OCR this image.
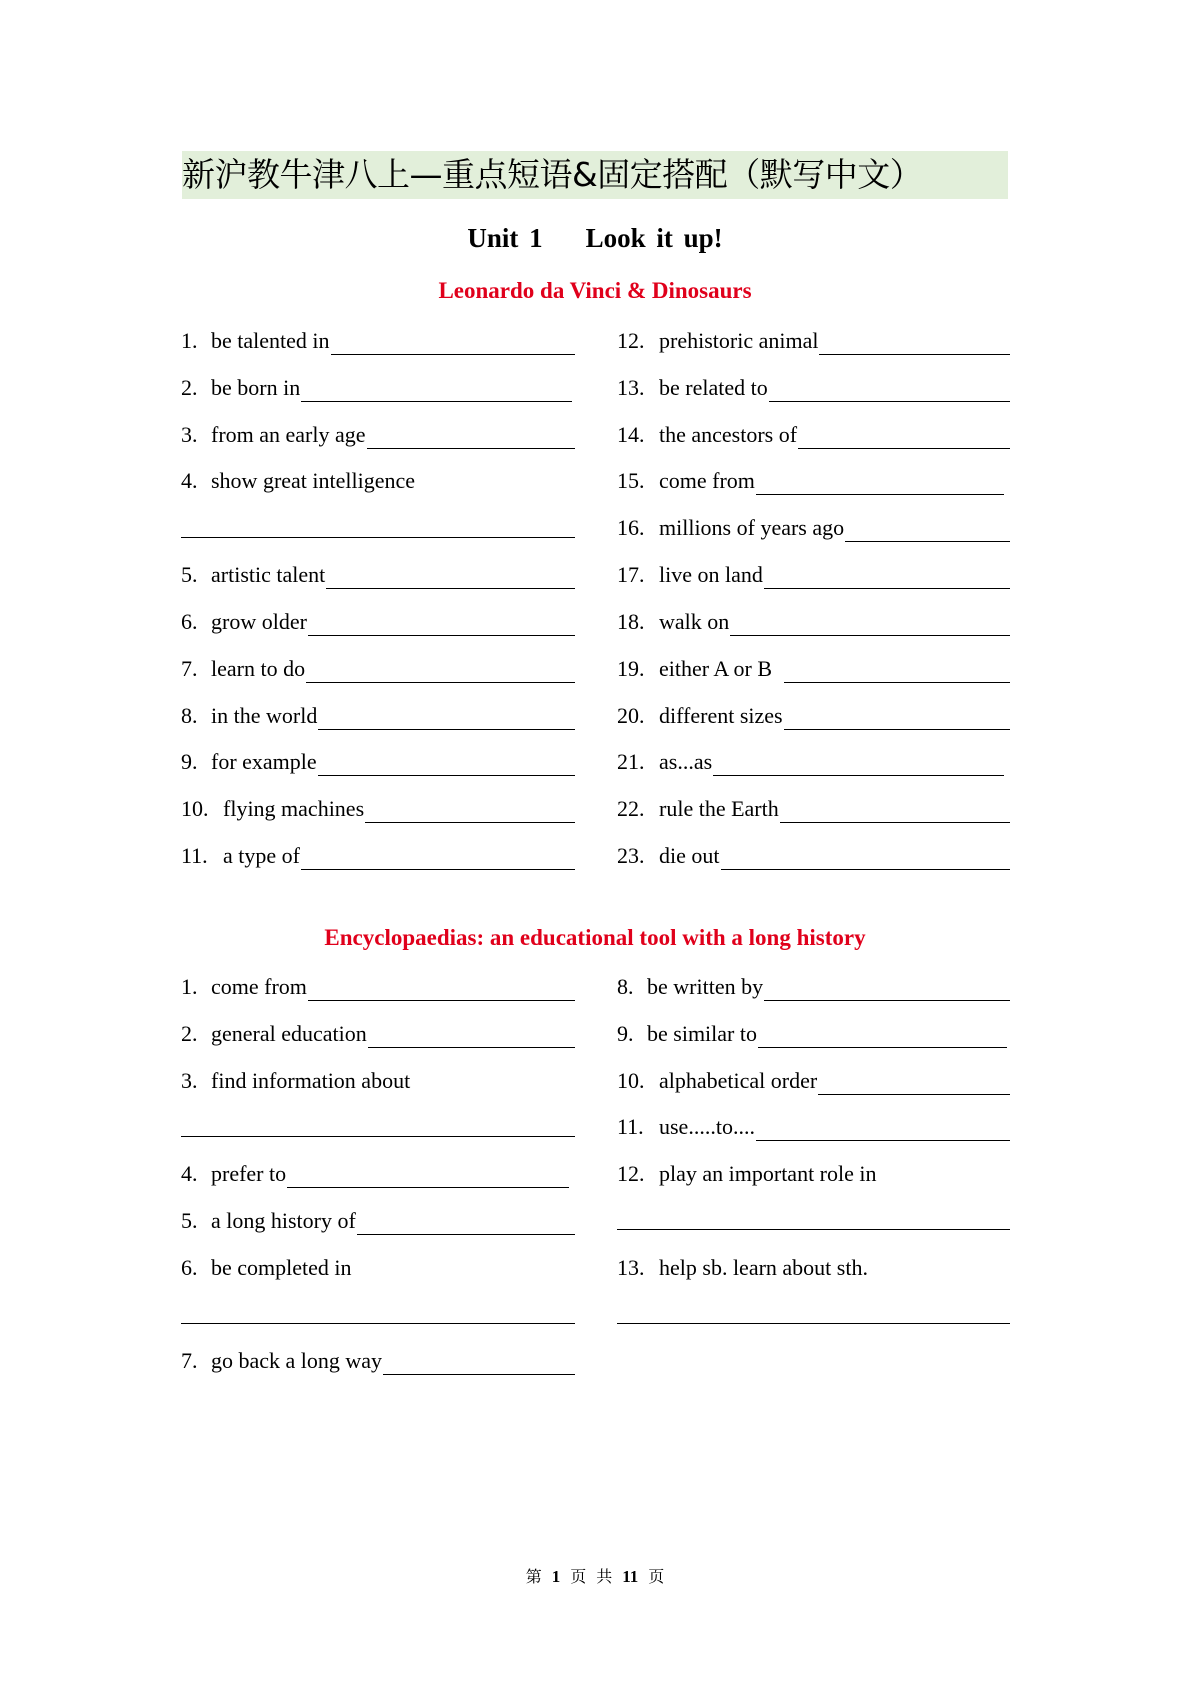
新沪教牛津八上—重点短语&固定搭配（默写中文）
Unit 1    Look it up!
Leonardo da Vinci & Dinosaurs
1. be talented in
2. be born in
3. from an early age
4. show great intelligence
5. artistic talent
6. grow older
7. learn to do
8. in the world
9. for example
10. flying machines
11. a type of
12. prehistoric animal
13. be related to
14. the ancestors of
15. come from
16. millions of years ago
17. live on land
18. walk on
19. either A or B
20. different sizes
21. as...as
22. rule the Earth
23. die out
Encyclopaedias: an educational tool with a long history
1. come from
2. general education
3. find information about
4. prefer to
5. a long history of
6. be completed in
7. go back a long way
8. be written by
9. be similar to
10. alphabetical order
11. use.....to....
12. play an important role in
13. help sb. learn about sth.
第 1 页 共 11 页
